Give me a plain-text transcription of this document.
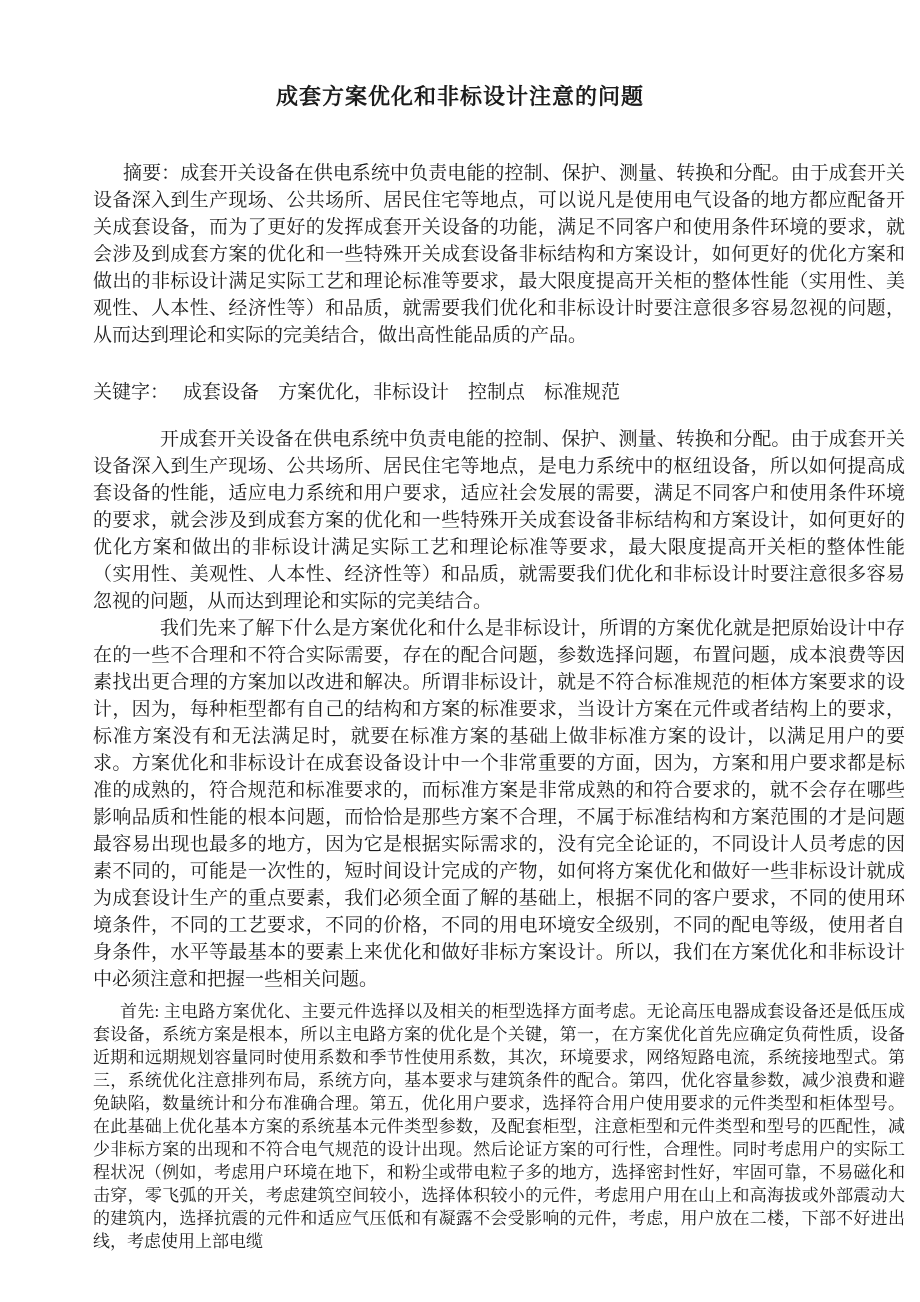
成套方案优化和非标设计注意的问题

摘要：成套开关设备在供电系统中负责电能的控制、保护、测量、转换和分配。由于成套开关设备深入到生产现场、公共场所、居民住宅等地点，可以说凡是使用电气设备的地方都应配备开关成套设备，而为了更好的发挥成套开关设备的功能，满足不同客户和使用条件环境的要求，就会涉及到成套方案的优化和一些特殊开关成套设备非标结构和方案设计，如何更好的优化方案和做出的非标设计满足实际工艺和理论标准等要求，最大限度提高开关柜的整体性能（实用性、美观性、人本性、经济性等）和品质，就需要我们优化和非标设计时要注意很多容易忽视的问题，从而达到理论和实际的完美结合，做出高性能品质的产品。

关键字： 成套设备　方案优化，非标设计　控制点　标准规范

开成套开关设备在供电系统中负责电能的控制、保护、测量、转换和分配。由于成套开关设备深入到生产现场、公共场所、居民住宅等地点，是电力系统中的枢纽设备，所以如何提高成套设备的性能，适应电力系统和用户要求，适应社会发展的需要，满足不同客户和使用条件环境的要求，就会涉及到成套方案的优化和一些特殊开关成套设备非标结构和方案设计，如何更好的优化方案和做出的非标设计满足实际工艺和理论标准等要求，最大限度提高开关柜的整体性能（实用性、美观性、人本性、经济性等）和品质，就需要我们优化和非标设计时要注意很多容易忽视的问题，从而达到理论和实际的完美结合。

我们先来了解下什么是方案优化和什么是非标设计，所谓的方案优化就是把原始设计中存在的一些不合理和不符合实际需要，存在的配合问题，参数选择问题，布置问题，成本浪费等因素找出更合理的方案加以改进和解决。所谓非标设计，就是不符合标准规范的柜体方案要求的设计，因为，每种柜型都有自己的结构和方案的标准要求，当设计方案在元件或者结构上的要求，标准方案没有和无法满足时，就要在标准方案的基础上做非标准方案的设计，以满足用户的要求。方案优化和非标设计在成套设备设计中一个非常重要的方面，因为，方案和用户要求都是标准的成熟的，符合规范和标准要求的，而标准方案是非常成熟的和符合要求的，就不会存在哪些影响品质和性能的根本问题，而恰恰是那些方案不合理，不属于标准结构和方案范围的才是问题最容易出现也最多的地方，因为它是根据实际需求的，没有完全论证的，不同设计人员考虑的因素不同的，可能是一次性的，短时间设计完成的产物，如何将方案优化和做好一些非标设计就成为成套设计生产的重点要素，我们必须全面了解的基础上，根据不同的客户要求，不同的使用环境条件，不同的工艺要求，不同的价格，不同的用电环境安全级别，不同的配电等级，使用者自身条件，水平等最基本的要素上来优化和做好非标方案设计。所以，我们在方案优化和非标设计中必须注意和把握一些相关问题。

首先: 主电路方案优化、主要元件选择以及相关的柜型选择方面考虑。无论高压电器成套设备还是低压成套设备，系统方案是根本，所以主电路方案的优化是个关键，第一，在方案优化首先应确定负荷性质，设备近期和远期规划容量同时使用系数和季节性使用系数，其次，环境要求，网络短路电流，系统接地型式。第三，系统优化注意排列布局，系统方向，基本要求与建筑条件的配合。第四，优化容量参数，减少浪费和避免缺陷，数量统计和分布准确合理。第五，优化用户要求，选择符合用户使用要求的元件类型和柜体型号。在此基础上优化基本方案的系统基本元件类型参数，及配套柜型，注意柜型和元件类型和型号的匹配性，减少非标方案的出现和不符合电气规范的设计出现。然后论证方案的可行性，合理性。同时考虑用户的实际工程状况（例如，考虑用户环境在地下，和粉尘或带电粒子多的地方，选择密封性好，牢固可靠，不易磁化和击穿，零飞弧的开关，考虑建筑空间较小，选择体积较小的元件，考虑用户用在山上和高海拔或外部震动大的建筑内，选择抗震的元件和适应气压低和有凝露不会受影响的元件，考虑，用户放在二楼，下部不好进出线，考虑使用上部电缆
